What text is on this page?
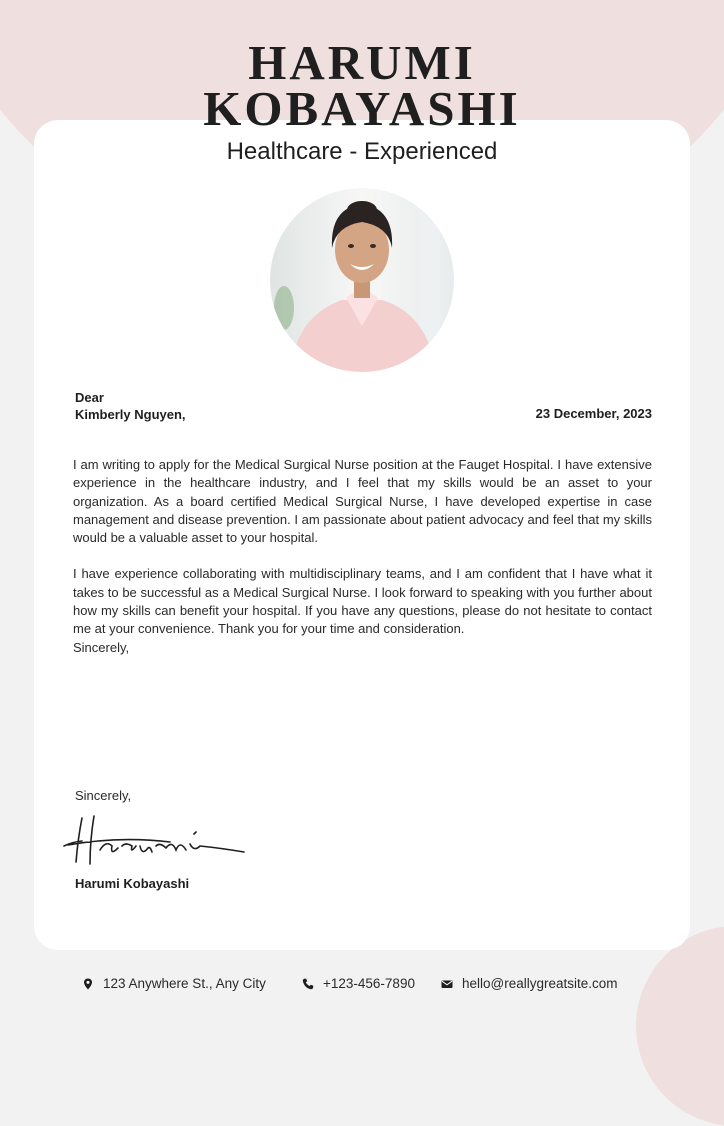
HARUMI
KOBAYASHI
Healthcare - Experienced
Dear
Kimberly Nguyen,	23 December, 2023

I am writing to apply for the Medical Surgical Nurse position at the Fauget Hospital. I have extensive experience in the healthcare industry, and I feel that my skills would be an asset to your organization. As a board certified Medical Surgical Nurse, I have developed expertise in case management and disease prevention. I am passionate about patient advocacy and feel that my skills would be a valuable asset to your hospital.

I have experience collaborating with multidisciplinary teams, and I am confident that I have what it takes to be successful as a Medical Surgical Nurse. I look forward to speaking with you further about how my skills can benefit your hospital. If you have any questions, please do not hesitate to contact me at your convenience. Thank you for your time and consideration.
Sincerely,

Sincerely,
Harumi Kobayashi
123 Anywhere St., Any City	+123-456-7890	hello@reallygreatsite.com
